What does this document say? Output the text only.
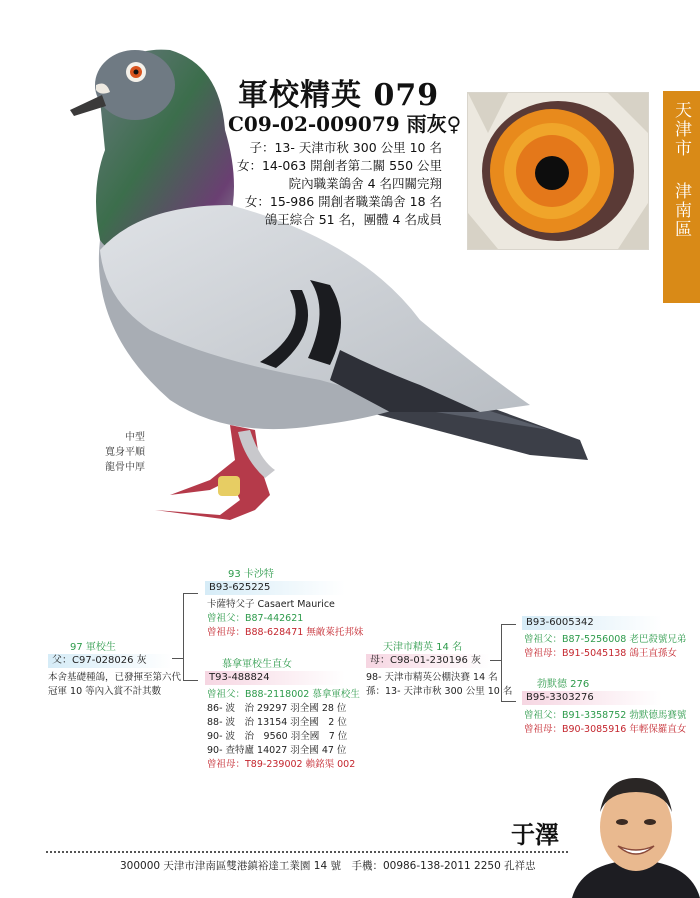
軍校精英 079
C09-02-009079 雨灰♀
子：13- 天津市秋 300 公里 10 名
女：14-063 開創者第二關 550 公里
院內職業鴿舍 4 名四關完翔
女：15-986 開創者職業鴿舍 18 名
鴿王綜合 51 名，團體 4 名成員
天津市
津南區
中型
寬身平順
龍骨中厚
97 軍校生
父：C97-028026 灰
本舍基礎種鴿，已發揮至第六代
冠軍 10 等內入賞不計其數
93 卡沙特
B93-625225
卡薩特父子 Casaert Maurice
曾祖父：B87-442621
曾祖母：B88-628471 無敵萊托邦妹
慕拿軍校生直女
T93-488824
曾祖父：B88-2118002 慕拿軍校生
86- 波　治 29297 羽全國 28 位
88- 波　治 13154 羽全國　2 位
90- 波　治　9560 羽全國　7 位
90- 查特廬 14027 羽全國 47 位
曾祖母：T89-239002 賴銘渠 002
天津市精英 14 名
母：C98-01-230196 灰
98- 天津市精英公棚決賽 14 名
孫：13- 天津市秋 300 公里 10 名
B93-6005342
曾祖父：B87-5256008 老巴殺號兄弟
曾祖母：B91-5045138 鴿王直孫女
勃默德 276
B95-3303276
曾祖父：B91-3358752 勃默德馬賽號
曾祖母：B90-3085916 年輕保羅直女
于澤
300000 天津市津南區雙港鎮裕達工業園 14 號　手機：00986-138-2011 2250 孔祥忠
